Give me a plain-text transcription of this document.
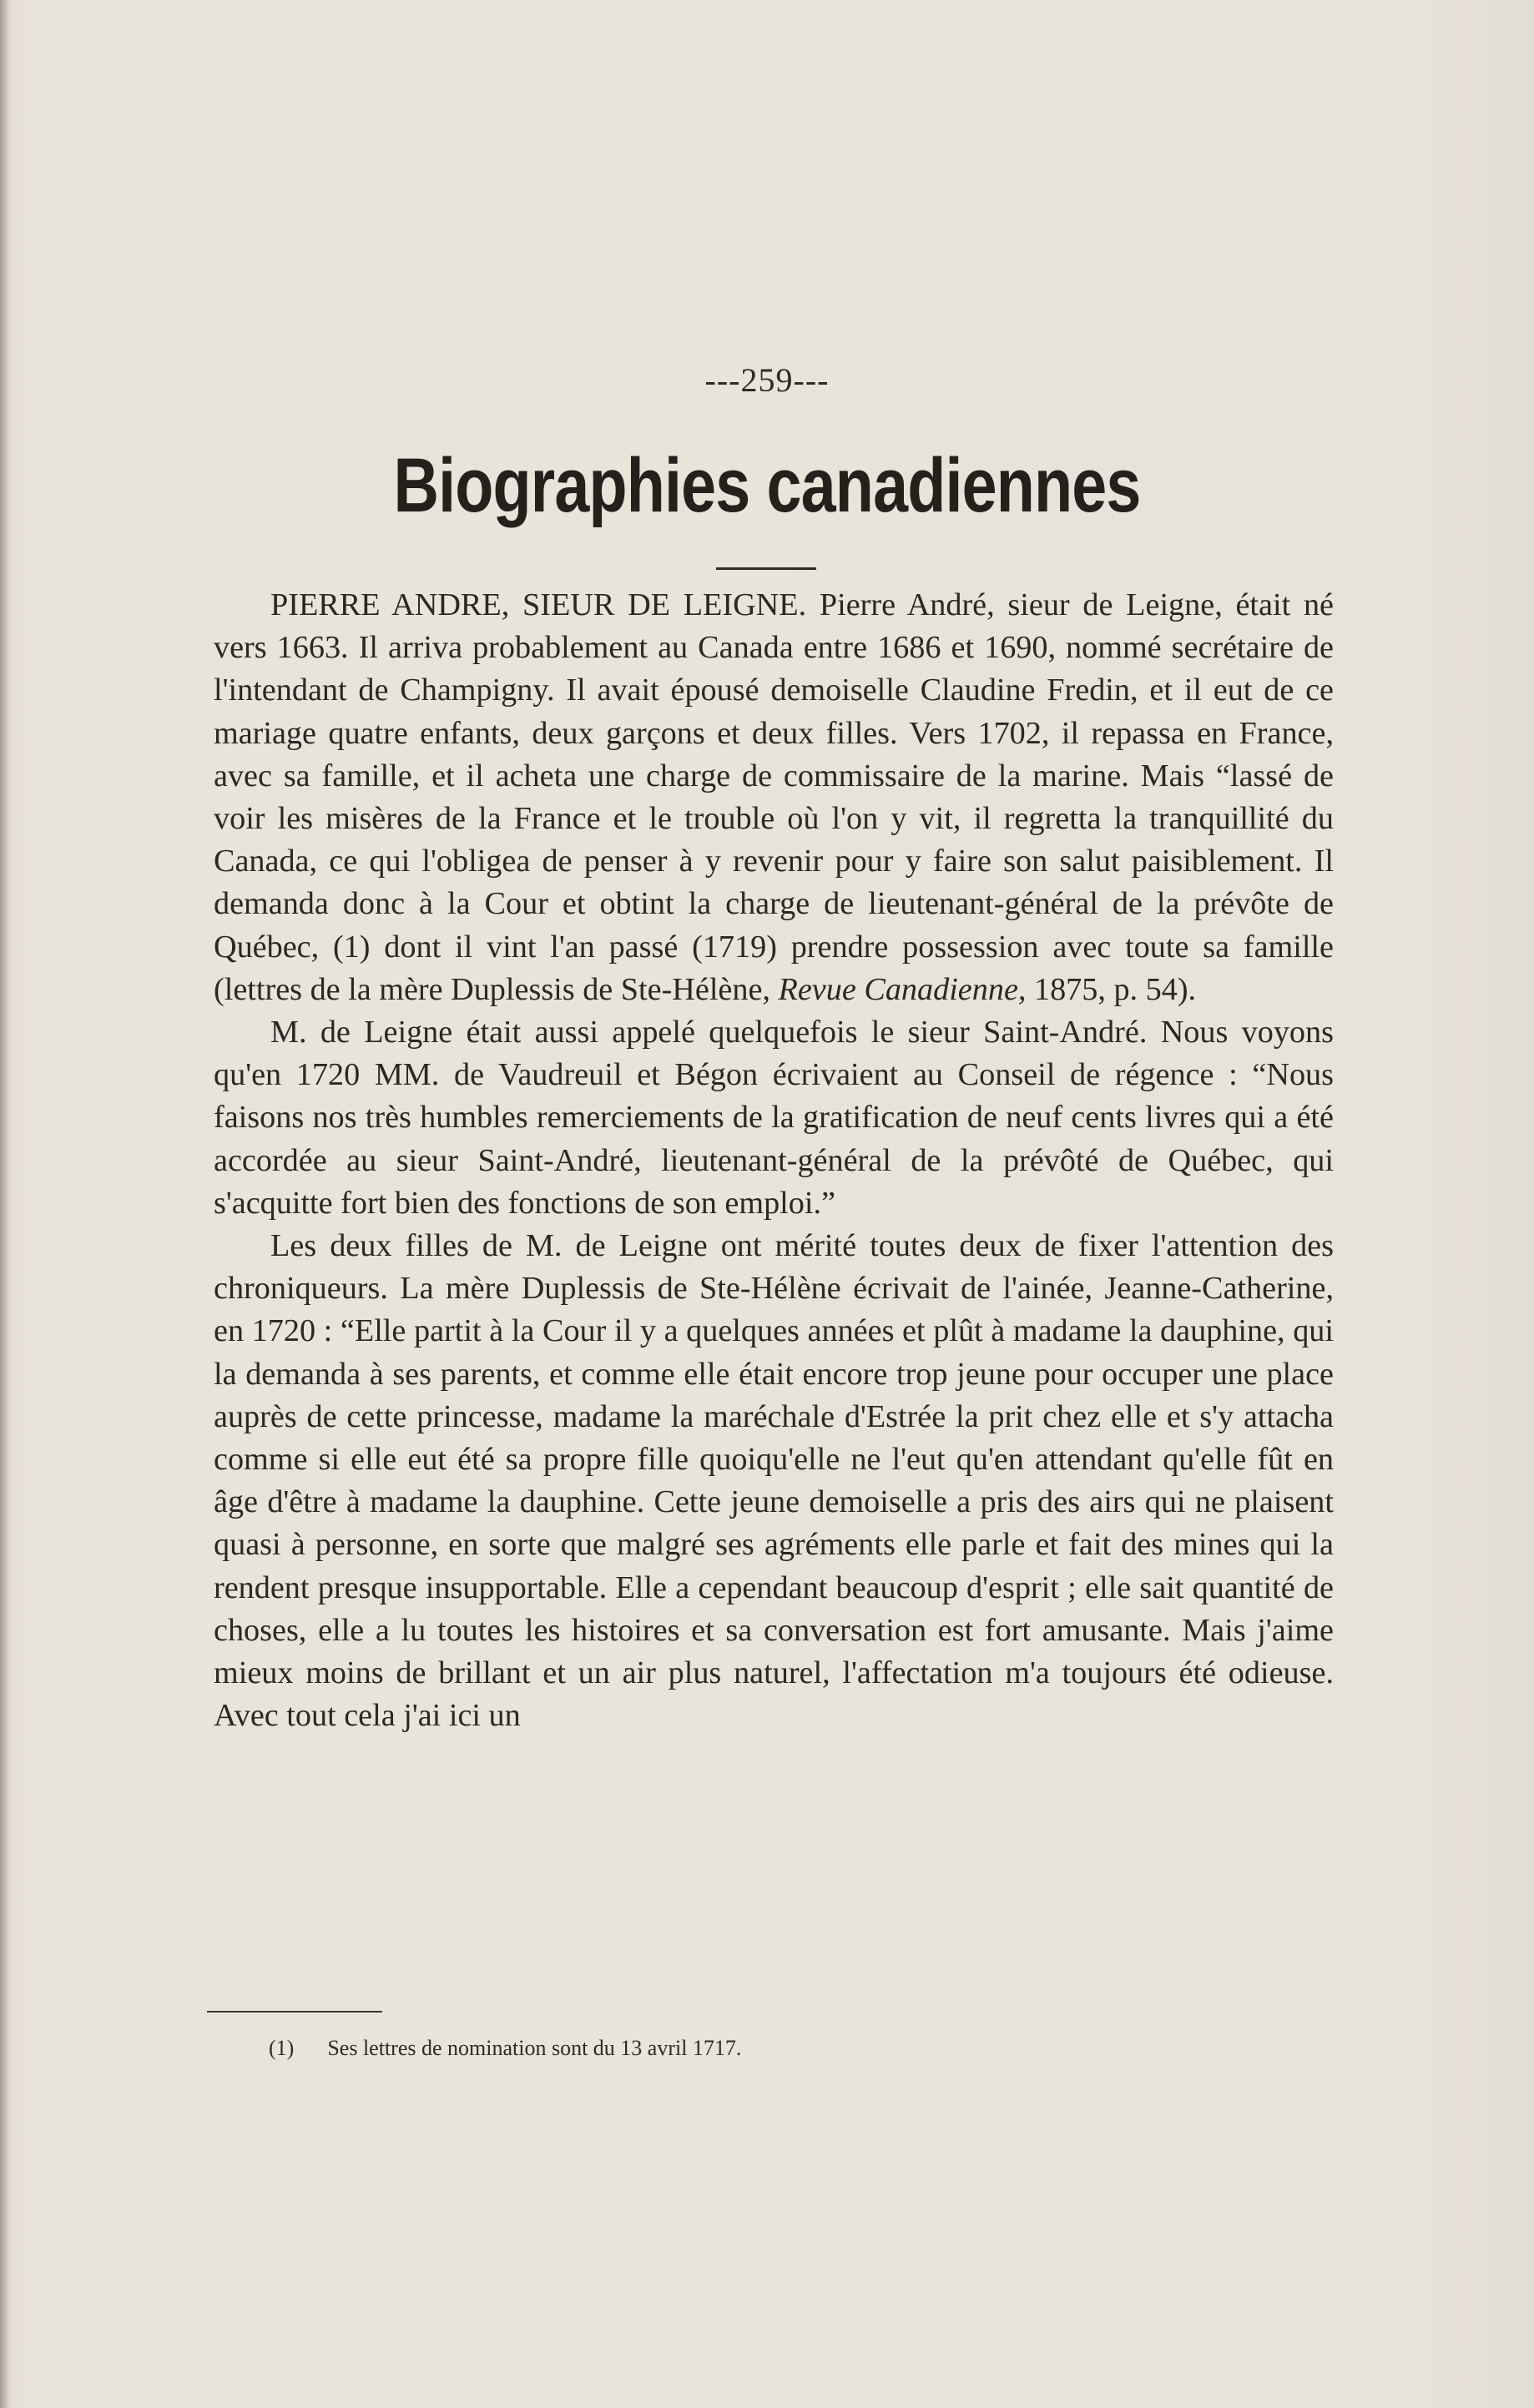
---259---
Biographies canadiennes

PIERRE ANDRE, SIEUR DE LEIGNE. Pierre André, sieur de Leigne, était né vers 1663. Il arriva probablement au Canada entre 1686 et 1690, nommé secrétaire de l'intendant de Champigny. Il avait épousé demoiselle Claudine Fredin, et il eut de ce mariage quatre enfants, deux garçons et deux filles. Vers 1702, il repassa en France, avec sa famille, et il acheta une charge de commissaire de la marine. Mais “lassé de voir les misères de la France et le trouble où l'on y vit, il regretta la tranquillité du Canada, ce qui l'obligea de penser à y revenir pour y faire son salut paisiblement. Il demanda donc à la Cour et obtint la charge de lieutenant-général de la prévôte de Québec, (1) dont il vint l'an passé (1719) prendre possession avec toute sa famille (lettres de la mère Duplessis de Ste-Hélène, Revue Canadienne, 1875, p. 54).

M. de Leigne était aussi appelé quelquefois le sieur Saint-André. Nous voyons qu'en 1720 MM. de Vaudreuil et Bégon écrivaient au Conseil de régence : “Nous faisons nos très humbles remerciements de la gratification de neuf cents livres qui a été accordée au sieur Saint-André, lieutenant-général de la prévôté de Québec, qui s'acquitte fort bien des fonctions de son emploi.”

Les deux filles de M. de Leigne ont mérité toutes deux de fixer l'attention des chroniqueurs. La mère Duplessis de Ste-Hélène écrivait de l'ainée, Jeanne-Catherine, en 1720 : “Elle partit à la Cour il y a quelques années et plût à madame la dauphine, qui la demanda à ses parents, et comme elle était encore trop jeune pour occuper une place auprès de cette princesse, madame la maréchale d'Estrée la prit chez elle et s'y attacha comme si elle eut été sa propre fille quoiqu'elle ne l'eut qu'en attendant qu'elle fût en âge d'être à madame la dauphine. Cette jeune demoiselle a pris des airs qui ne plaisent quasi à personne, en sorte que malgré ses agréments elle parle et fait des mines qui la rendent presque insupportable. Elle a cependant beaucoup d'esprit ; elle sait quantité de choses, elle a lu toutes les histoires et sa conversation est fort amusante. Mais j'aime mieux moins de brillant et un air plus naturel, l'affectation m'a toujours été odieuse. Avec tout cela j'ai ici un

(1) Ses lettres de nomination sont du 13 avril 1717.
